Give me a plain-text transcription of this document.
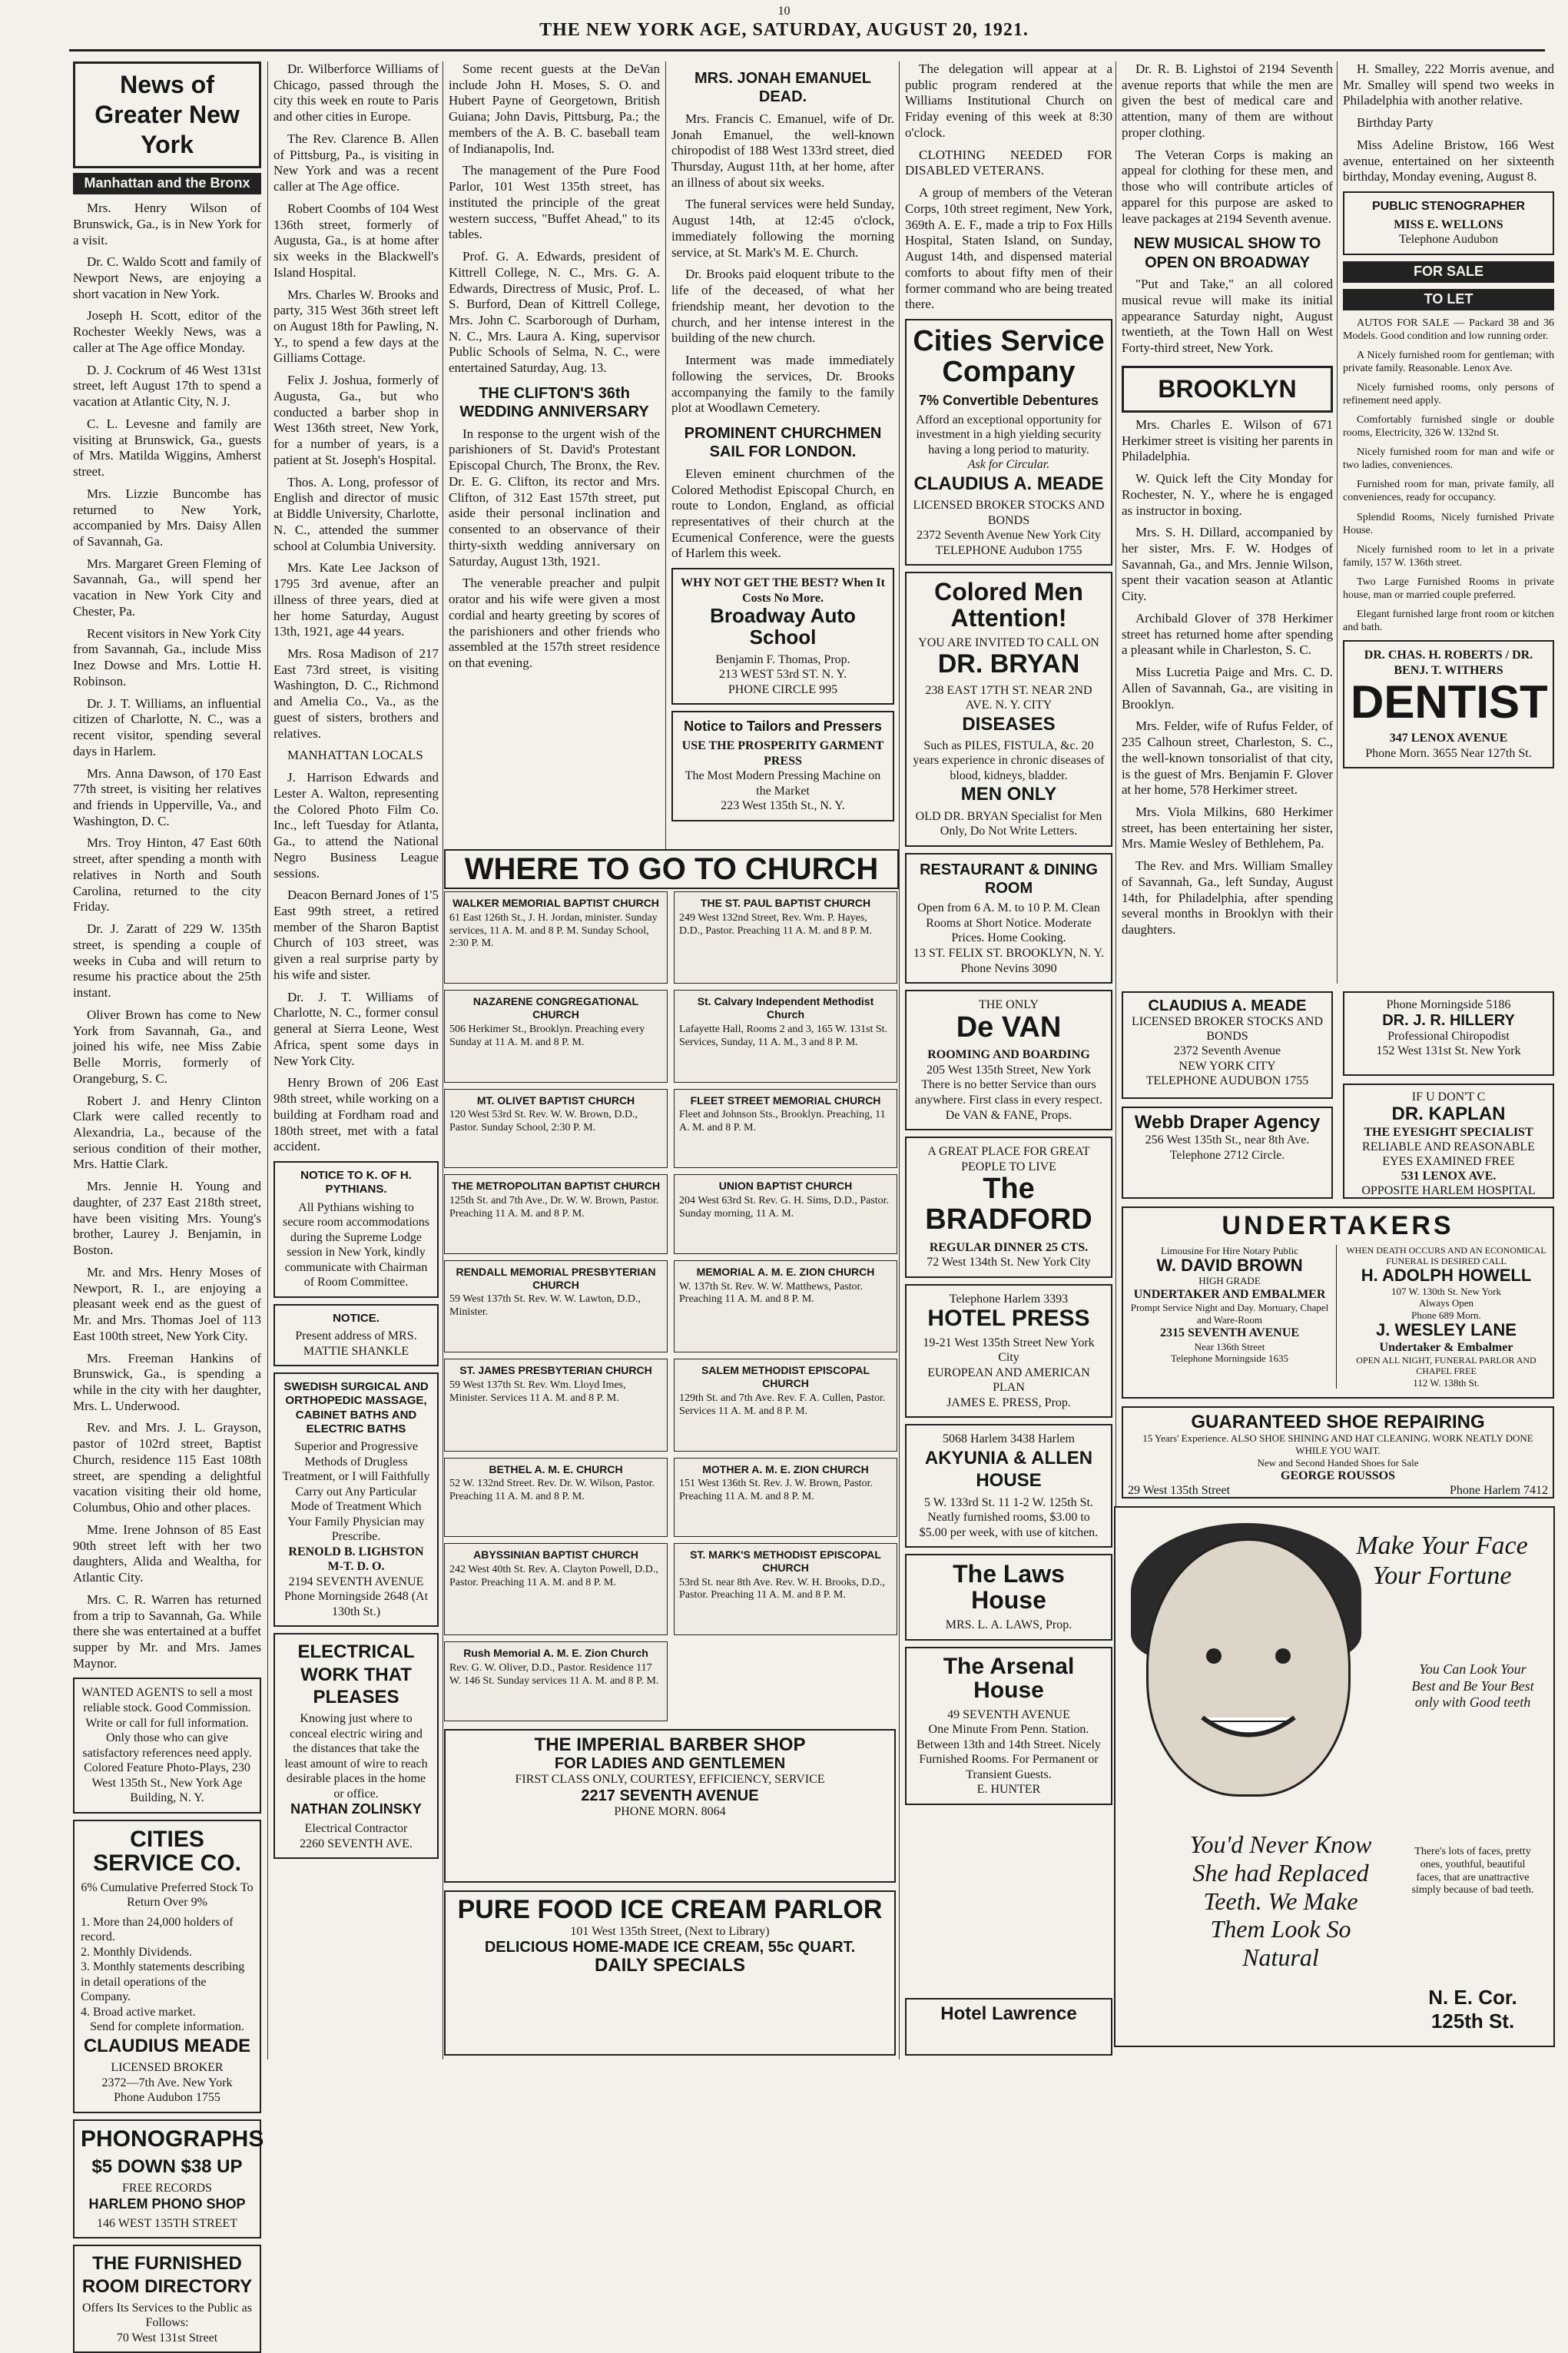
10
THE NEW YORK AGE, SATURDAY, AUGUST 20, 1921.
News of Greater New York
Manhattan and the Bronx

Mrs. Henry Wilson of Brunswick, Ga., is in New York for a visit.

Dr. C. Waldo Scott and family of Newport News, are enjoying a short vacation in New York.

Joseph H. Scott, editor of the Rochester Weekly News, was a caller at The Age office Monday.

D. J. Cockrum of 46 West 131st street, left August 17th to spend a vacation at Atlantic City, N. J.

C. L. Levesne and family are visiting at Brunswick, Ga., guests of Mrs. Matilda Wiggins, Amherst street.

Mrs. Lizzie Buncombe has returned to New York, accompanied by Mrs. Daisy Allen of Savannah, Ga.

Mrs. Margaret Green Fleming of Savannah, Ga., will spend her vacation in New York City and Chester, Pa.

Recent visitors in New York City from Savannah, Ga., include Miss Inez Dowse and Mrs. Lottie H. Robinson.

Dr. J. T. Williams, an influential citizen of Charlotte, N. C., was a recent visitor, spending several days in Harlem.

Mrs. Anna Dawson, of 170 East 77th street, is visiting her relatives and friends in Upperville, Va., and Washington, D. C.

Mrs. Troy Hinton, 47 East 60th street, after spending a month with relatives in North and South Carolina, returned to the city Friday.

Dr. J. Zaratt of 229 W. 135th street, is spending a couple of weeks in Cuba and will return to resume his practice about the 25th instant.

Oliver Brown has come to New York from Savannah, Ga., and joined his wife, nee Miss Zabie Belle Morris, formerly of Orangeburg, S. C.

Robert J. and Henry Clinton Clark were called recently to Alexandria, La., because of the serious condition of their mother, Mrs. Hattie Clark.

Mrs. Jennie H. Young and daughter, of 237 East 218th street, have been visiting Mrs. Young's brother, Laurey J. Benjamin, in Boston.

Mr. and Mrs. Henry Moses of Newport, R. I., are enjoying a pleasant week end as the guest of Mr. and Mrs. Thomas Joel of 113 East 100th street, New York City.

Mrs. Freeman Hankins of Brunswick, Ga., is spending a while in the city with her daughter, Mrs. L. Underwood.

Rev. and Mrs. J. L. Grayson, pastor of 102rd street, Baptist Church, residence 115 East 108th street, are spending a delightful vacation visiting their old home, Columbus, Ohio and other places.

Mme. Irene Johnson of 85 East 90th street left with her two daughters, Alida and Wealtha, for Atlantic City.

Mrs. C. R. Warren has returned from a trip to Savannah, Ga. While there she was entertained at a buffet supper by Mr. and Mrs. James Maynor.

WANTED AGENTS to sell a most reliable stock. Good Commission. Write or call for full information. Only those who can give satisfactory references need apply. Colored Feature Photo-Plays, 230 West 135th St., New York Age Building, N. Y.
CITIES SERVICE CO.
6% Cumulative Preferred Stock To Return Over 9%
1. More than 24,000 holders of record.
2. Monthly Dividends.
3. Monthly statements describing in detail operations of the Company.
4. Broad active market.
Send for complete information.
CLAUDIUS MEADE
LICENSED BROKER
2372—7th Ave. New York
Phone Audubon 1755
PHONOGRAPHS
$5 DOWN $38 UP
FREE RECORDS
HARLEM PHONO SHOP
146 WEST 135TH STREET
THE FURNISHED ROOM DIRECTORY
Offers Its Services to the Public as Follows:
70 West 131st Street

Dr. Wilberforce Williams of Chicago, passed through the city this week en route to Paris and other cities in Europe.

The Rev. Clarence B. Allen of Pittsburg, Pa., is visiting in New York and was a recent caller at The Age office.

Robert Coombs of 104 West 136th street, formerly of Augusta, Ga., is at home after six weeks in the Blackwell's Island Hospital.

Mrs. Charles W. Brooks and party, 315 West 36th street left on August 18th for Pawling, N. Y., to spend a few days at the Gilliams Cottage.

Felix J. Joshua, formerly of Augusta, Ga., but who conducted a barber shop in West 136th street, New York, for a number of years, is a patient at St. Joseph's Hospital.

Thos. A. Long, professor of English and director of music at Biddle University, Charlotte, N. C., attended the summer school at Columbia University.

Mrs. Kate Lee Jackson of 1795 3rd avenue, after an illness of three years, died at her home Saturday, August 13th, 1921, age 44 years.

Mrs. Rosa Madison of 217 East 73rd street, is visiting Washington, D. C., Richmond and Amelia Co., Va., as the guest of sisters, brothers and relatives.

MANHATTAN LOCALS

J. Harrison Edwards and Lester A. Walton, representing the Colored Photo Film Co. Inc., left Tuesday for Atlanta, Ga., to attend the National Negro Business League sessions.

Deacon Bernard Jones of 1'5 East 99th street, a retired member of the Sharon Baptist Church of 103 street, was given a real surprise party by his wife and sister.

Dr. J. T. Williams of Charlotte, N. C., former consul general at Sierra Leone, West Africa, spent some days in New York City.

Henry Brown of 206 East 98th street, while working on a building at Fordham road and 180th street, met with a fatal accident.

NOTICE TO K. OF H. PYTHIANS.
All Pythians wishing to secure room accommodations during the Supreme Lodge session in New York, kindly communicate with Chairman of Room Committee.
NOTICE.
Present address of MRS. MATTIE SHANKLE
SWEDISH SURGICAL AND ORTHOPEDIC MASSAGE, CABINET BATHS AND ELECTRIC BATHS
Superior and Progressive Methods of Drugless Treatment, or I will Faithfully Carry out Any Particular Mode of Treatment Which Your Family Physician may Prescribe.
RENOLD B. LIGHSTON M-T. D. O.
2194 SEVENTH AVENUE
Phone Morningside 2648 (At 130th St.)
ELECTRICAL WORK THAT PLEASES
Knowing just where to conceal electric wiring and the distances that take the least amount of wire to reach desirable places in the home or office.
NATHAN ZOLINSKY
Electrical Contractor
2260 SEVENTH AVE.

Some recent guests at the DeVan include John H. Moses, S. O. and Hubert Payne of Georgetown, British Guiana; John Davis, Pittsburg, Pa.; the members of the A. B. C. baseball team of Indianapolis, Ind.

The management of the Pure Food Parlor, 101 West 135th street, has instituted the principle of the great western success, "Buffet Ahead," to its tables.

Prof. G. A. Edwards, president of Kittrell College, N. C., Mrs. G. A. Edwards, Directress of Music, Prof. L. S. Burford, Dean of Kittrell College, Mrs. John C. Scarborough of Durham, N. C., Mrs. Laura A. King, supervisor Public Schools of Selma, N. C., were entertained Saturday, Aug. 13.

THE CLIFTON'S 36th WEDDING ANNIVERSARY

In response to the urgent wish of the parishioners of St. David's Protestant Episcopal Church, The Bronx, the Rev. Dr. E. G. Clifton, its rector and Mrs. Clifton, of 312 East 157th street, put aside their personal inclination and consented to an observance of their thirty-sixth wedding anniversary on Saturday, August 13th, 1921.

The venerable preacher and pulpit orator and his wife were given a most cordial and hearty greeting by scores of the parishioners and other friends who assembled at the 157th street residence on that evening.

MRS. JONAH EMANUEL DEAD.

Mrs. Francis C. Emanuel, wife of Dr. Jonah Emanuel, the well-known chiropodist of 188 West 133rd street, died Thursday, August 11th, at her home, after an illness of about six weeks.

The funeral services were held Sunday, August 14th, at 12:45 o'clock, immediately following the morning service, at St. Mark's M. E. Church.

Dr. Brooks paid eloquent tribute to the life of the deceased, of what her friendship meant, her devotion to the church, and her intense interest in the building of the new church.

Interment was made immediately following the services, Dr. Brooks accompanying the family to the family plot at Woodlawn Cemetery.

PROMINENT CHURCHMEN SAIL FOR LONDON.

Eleven eminent churchmen of the Colored Methodist Episcopal Church, en route to London, England, as official representatives of their church at the Ecumenical Conference, were the guests of Harlem this week.

WHY NOT GET THE BEST? When It Costs No More.
Broadway Auto School
Benjamin F. Thomas, Prop.
213 WEST 53rd ST. N. Y.
PHONE CIRCLE 995
Notice to Tailors and Pressers
USE THE PROSPERITY GARMENT PRESS
The Most Modern Pressing Machine on the Market
223 West 135th St., N. Y.

The delegation will appear at a public program rendered at the Williams Institutional Church on Friday evening of this week at 8:30 o'clock.

CLOTHING NEEDED FOR DISABLED VETERANS.

A group of members of the Veteran Corps, 10th street regiment, New York, 369th A. E. F., made a trip to Fox Hills Hospital, Staten Island, on Sunday, August 14th, and dispensed material comforts to about fifty men of their former command who are being treated there.

Cities Service Company
7% Convertible Debentures
Afford an exceptional opportunity for investment in a high yielding security having a long period to maturity.
Ask for Circular.
CLAUDIUS A. MEADE
LICENSED BROKER STOCKS AND BONDS
2372 Seventh Avenue New York City
TELEPHONE Audubon 1755
Colored Men Attention!
YOU ARE INVITED TO CALL ON
DR. BRYAN
238 EAST 17TH ST. NEAR 2ND AVE. N. Y. CITY
DISEASES
Such as PILES, FISTULA, &c. 20 years experience in chronic diseases of blood, kidneys, bladder.
MEN ONLY
OLD DR. BRYAN Specialist for Men Only, Do Not Write Letters.
RESTAURANT & DINING ROOM
Open from 6 A. M. to 10 P. M. Clean Rooms at Short Notice. Moderate Prices. Home Cooking.
13 ST. FELIX ST. BROOKLYN, N. Y.
Phone Nevins 3090
THE ONLY
De VAN
ROOMING AND BOARDING
205 West 135th Street, New York
There is no better Service than ours anywhere. First class in every respect.
De VAN & FANE, Props.
A GREAT PLACE FOR GREAT PEOPLE TO LIVE
The BRADFORD
REGULAR DINNER 25 CTS.
72 West 134th St. New York City
Telephone Harlem 3393
HOTEL PRESS
19-21 West 135th Street New York City
EUROPEAN AND AMERICAN PLAN
JAMES E. PRESS, Prop.
5068 Harlem 3438 Harlem
AKYUNIA & ALLEN HOUSE
5 W. 133rd St. 11 1-2 W. 125th St.
Neatly furnished rooms, $3.00 to $5.00 per week, with use of kitchen.
The Laws House
MRS. L. A. LAWS, Prop.
The Arsenal House
49 SEVENTH AVENUE
One Minute From Penn. Station. Between 13th and 14th Street. Nicely Furnished Rooms. For Permanent or Transient Guests.
E. HUNTER

Dr. R. B. Lighstoi of 2194 Seventh avenue reports that while the men are given the best of medical care and attention, many of them are without proper clothing.

The Veteran Corps is making an appeal for clothing for these men, and those who will contribute articles of apparel for this purpose are asked to leave packages at 2194 Seventh avenue.

NEW MUSICAL SHOW TO OPEN ON BROADWAY

"Put and Take," an all colored musical revue will make its initial appearance Saturday night, August twentieth, at the Town Hall on West Forty-third street, New York.

BROOKLYN

Mrs. Charles E. Wilson of 671 Herkimer street is visiting her parents in Philadelphia.

W. Quick left the City Monday for Rochester, N. Y., where he is engaged as instructor in boxing.

Mrs. S. H. Dillard, accompanied by her sister, Mrs. F. W. Hodges of Savannah, Ga., and Mrs. Jennie Wilson, spent their vacation season at Atlantic City.

Archibald Glover of 378 Herkimer street has returned home after spending a pleasant while in Charleston, S. C.

Miss Lucretia Paige and Mrs. C. D. Allen of Savannah, Ga., are visiting in Brooklyn.

Mrs. Felder, wife of Rufus Felder, of 235 Calhoun street, Charleston, S. C., the well-known tonsorialist of that city, is the guest of Mrs. Benjamin F. Glover at her home, 578 Herkimer street.

Mrs. Viola Milkins, 680 Herkimer street, has been entertaining her sister, Mrs. Mamie Wesley of Bethlehem, Pa.

The Rev. and Mrs. William Smalley of Savannah, Ga., left Sunday, August 14th, for Philadelphia, after spending several months in Brooklyn with their daughters.

H. Smalley, 222 Morris avenue, and Mr. Smalley will spend two weeks in Philadelphia with another relative.

Birthday Party

Miss Adeline Bristow, 166 West avenue, entertained on her sixteenth birthday, Monday evening, August 8.

PUBLIC STENOGRAPHER
MISS E. WELLONS
Telephone Audubon
FOR SALE
TO LET

AUTOS FOR SALE — Packard 38 and 36 Models. Good condition and low running order.

A Nicely furnished room for gentleman; with private family. Reasonable. Lenox Ave.

Nicely furnished rooms, only persons of refinement need apply.

Comfortably furnished single or double rooms, Electricity, 326 W. 132nd St.

Nicely furnished room for man and wife or two ladies, conveniences.

Furnished room for man, private family, all conveniences, ready for occupancy.

Splendid Rooms, Nicely furnished Private House.

Nicely furnished room to let in a private family, 157 W. 136th street.

Two Large Furnished Rooms in private house, man or married couple preferred.

Elegant furnished large front room or kitchen and bath.

DR. CHAS. H. ROBERTS / DR. BENJ. T. WITHERS
DENTIST
347 LENOX AVENUE
Phone Morn. 3655 Near 127th St.
WHERE TO GO TO CHURCH
WALKER MEMORIAL BAPTIST CHURCH
61 East 126th St., J. H. Jordan, minister. Sunday services, 11 A. M. and 8 P. M. Sunday School, 2:30 P. M.
THE ST. PAUL BAPTIST CHURCH
249 West 132nd Street, Rev. Wm. P. Hayes, D.D., Pastor. Preaching 11 A. M. and 8 P. M.
NAZARENE CONGREGATIONAL CHURCH
506 Herkimer St., Brooklyn. Preaching every Sunday at 11 A. M. and 8 P. M.
St. Calvary Independent Methodist Church
Lafayette Hall, Rooms 2 and 3, 165 W. 131st St. Services, Sunday, 11 A. M., 3 and 8 P. M.
MT. OLIVET BAPTIST CHURCH
120 West 53rd St. Rev. W. W. Brown, D.D., Pastor. Sunday School, 2:30 P. M.
FLEET STREET MEMORIAL CHURCH
Fleet and Johnson Sts., Brooklyn. Preaching, 11 A. M. and 8 P. M.
THE METROPOLITAN BAPTIST CHURCH
125th St. and 7th Ave., Dr. W. W. Brown, Pastor. Preaching 11 A. M. and 8 P. M.
UNION BAPTIST CHURCH
204 West 63rd St. Rev. G. H. Sims, D.D., Pastor. Sunday morning, 11 A. M.
RENDALL MEMORIAL PRESBYTERIAN CHURCH
59 West 137th St. Rev. W. W. Lawton, D.D., Minister.
MEMORIAL A. M. E. ZION CHURCH
W. 137th St. Rev. W. W. Matthews, Pastor. Preaching 11 A. M. and 8 P. M.
ST. JAMES PRESBYTERIAN CHURCH
59 West 137th St. Rev. Wm. Lloyd Imes, Minister. Services 11 A. M. and 8 P. M.
SALEM METHODIST EPISCOPAL CHURCH
129th St. and 7th Ave. Rev. F. A. Cullen, Pastor. Services 11 A. M. and 8 P. M.
BETHEL A. M. E. CHURCH
52 W. 132nd Street. Rev. Dr. W. Wilson, Pastor. Preaching 11 A. M. and 8 P. M.
MOTHER A. M. E. ZION CHURCH
151 West 136th St. Rev. J. W. Brown, Pastor. Preaching 11 A. M. and 8 P. M.
ABYSSINIAN BAPTIST CHURCH
242 West 40th St. Rev. A. Clayton Powell, D.D., Pastor. Preaching 11 A. M. and 8 P. M.
ST. MARK'S METHODIST EPISCOPAL CHURCH
53rd St. near 8th Ave. Rev. W. H. Brooks, D.D., Pastor. Preaching 11 A. M. and 8 P. M.
Rush Memorial A. M. E. Zion Church
Rev. G. W. Oliver, D.D., Pastor. Residence 117 W. 146 St. Sunday services 11 A. M. and 8 P. M.
THE IMPERIAL BARBER SHOP
FOR LADIES AND GENTLEMEN
FIRST CLASS ONLY, COURTESY, EFFICIENCY, SERVICE
2217 SEVENTH AVENUE
PHONE MORN. 8064
PURE FOOD ICE CREAM PARLOR
101 West 135th Street, (Next to Library)
DELICIOUS HOME-MADE ICE CREAM, 55c QUART.
DAILY SPECIALS
Hotel Lawrence
CLAUDIUS A. MEADE
LICENSED BROKER STOCKS AND BONDS
2372 Seventh Avenue
NEW YORK CITY
TELEPHONE AUDUBON 1755
Webb Draper Agency
256 West 135th St., near 8th Ave.
Telephone 2712 Circle.
Phone Morningside 5186
DR. J. R. HILLERY
Professional Chiropodist
152 West 131st St. New York
IF U DON'T C
DR. KAPLAN
THE EYESIGHT SPECIALIST
RELIABLE AND REASONABLE EYES EXAMINED FREE
531 LENOX AVE.
OPPOSITE HARLEM HOSPITAL
UNDERTAKERS
Limousine For Hire Notary Public
W. DAVID BROWN
HIGH GRADE
UNDERTAKER AND EMBALMER
Prompt Service Night and Day. Mortuary, Chapel and Ware-Room
2315 SEVENTH AVENUE
Near 136th Street
Telephone Morningside 1635
WHEN DEATH OCCURS AND AN ECONOMICAL FUNERAL IS DESIRED CALL
H. ADOLPH HOWELL
107 W. 130th St. New York
Always Open
Phone 689 Morn.
J. WESLEY LANE
Undertaker & Embalmer
OPEN ALL NIGHT, FUNERAL PARLOR AND CHAPEL FREE
112 W. 138th St.
GUARANTEED SHOE REPAIRING
15 Years' Experience. ALSO SHOE SHINING AND HAT CLEANING. WORK NEATLY DONE WHILE YOU WAIT.
New and Second Handed Shoes for Sale
GEORGE ROUSSOS
29 West 135th Street	Phone Harlem 7412
Make Your Face Your Fortune
You Can Look Your Best and Be Your Best only with Good teeth
You'd Never Know She had Replaced Teeth. We Make Them Look So Natural
There's lots of faces, pretty ones, youthful, beautiful faces, that are unattractive simply because of bad teeth.
N. E. Cor. 125th St.
